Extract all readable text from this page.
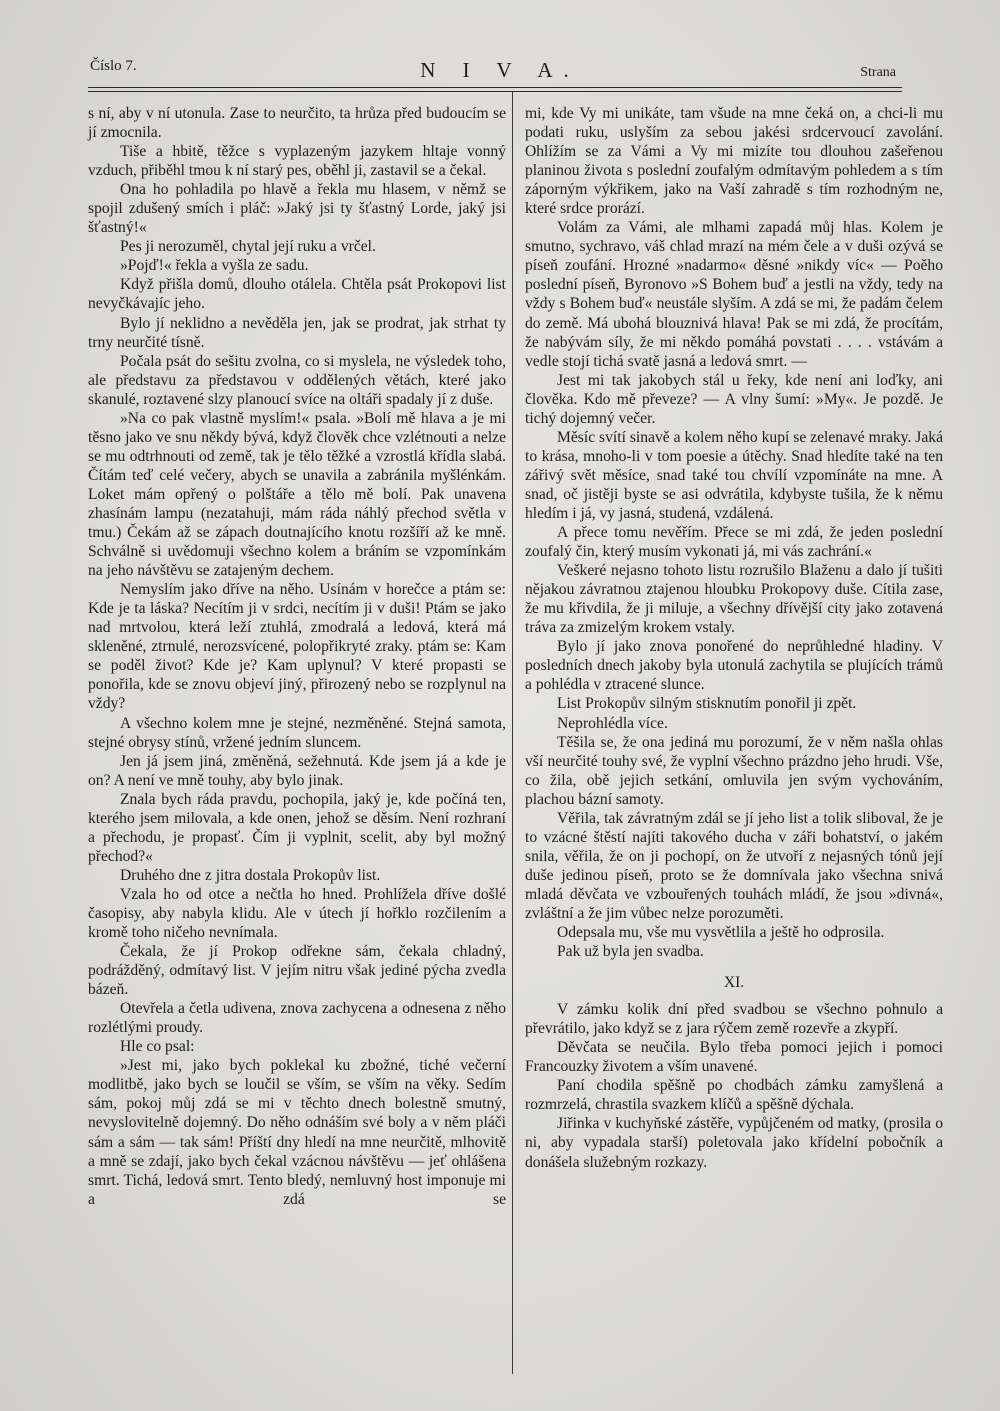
Číslo 7.	N I V A.	Strana

s ní, aby v ní utonula. Zase to neurčito, ta hrůza před budoucím se jí zmocnila.

Tiše a hbitě, těžce s vyplazeným jazykem hltaje vonný vzduch, přiběhl tmou k ní starý pes, oběhl ji, zastavil se a čekal.

Ona ho pohladila po hlavě a řekla mu hlasem, v němž se spojil zdušený smích i pláč: »Jaký jsi ty šťastný Lorde, jaký jsi šťastný!«

Pes ji nerozuměl, chytal její ruku a vrčel.

»Pojď!« řekla a vyšla ze sadu.

Když přišla domů, dlouho otálela. Chtěla psát Prokopovi list nevyčkávajíc jeho.

Bylo jí neklidno a nevěděla jen, jak se prodrat, jak strhat ty trny neurčité tísně.

Počala psát do sešitu zvolna, co si myslela, ne výsledek toho, ale představu za představou v oddělených větách, které jako skanulé, roztavené slzy planoucí svíce na oltáři spadaly jí z duše.

»Na co pak vlastně myslím!« psala. »Bolí mě hlava a je mi těsno jako ve snu někdy bývá, když člověk chce vzlétnouti a nelze se mu odtrhnouti od země, tak je tělo těžké a vzrostlá křídla slabá. Čítám teď celé večery, abych se unavila a zabránila myšlénkám. Loket mám opřený o polštáře a tělo mě bolí. Pak unavena zhasínám lampu (nezatahuji, mám ráda náhlý přechod světla v tmu.) Čekám až se zápach doutnajícího knotu rozšíří až ke mně. Schválně si uvědomuji všechno kolem a bráním se vzpomínkám na jeho návštěvu se zatajeným dechem.

Nemyslím jako dříve na něho. Usínám v horečce a ptám se: Kde je ta láska? Necítím ji v srdci, necítím ji v duši! Ptám se jako nad mrtvolou, která leží ztuhlá, zmodralá a ledová, která má skleněné, ztrnulé, nerozsvícené, polopřikryté zraky. ptám se: Kam se poděl život? Kde je? Kam uplynul? V které propasti se ponořila, kde se znovu objeví jiný, přirozený nebo se rozplynul na vždy?

A všechno kolem mne je stejné, nezměněné. Stejná samota, stejné obrysy stínů, vržené jedním sluncem.

Jen já jsem jiná, změněná, sežehnutá. Kde jsem já a kde je on? A není ve mně touhy, aby bylo jinak.

Znala bych ráda pravdu, pochopila, jaký je, kde počíná ten, kterého jsem milovala, a kde onen, jehož se děsím. Není rozhraní a přechodu, je propasť. Čím ji vyplnit, scelit, aby byl možný přechod?«

Druhého dne z jitra dostala Prokopův list.

Vzala ho od otce a nečtla ho hned. Prohlížela dříve došlé časopisy, aby nabyla klidu. Ale v útech jí hořklo rozčilením a kromě toho ničeho nevnímala.

Čekala, že jí Prokop odřekne sám, čekala chladný, podrážděný, odmítavý list. V jejím nitru však jediné pýcha zvedla bázeň.

Otevřela a četla udivena, znova zachycena a odnesena z něho rozlétlými proudy.

Hle co psal:

»Jest mi, jako bych poklekal ku zbožné, tiché večerní modlitbě, jako bych se loučil se vším, se vším na věky. Sedím sám, pokoj můj zdá se mi v těchto dnech bolestně smutný, nevyslovitelně dojemný. Do něho odnáším své boly a v něm pláči sám a sám — tak sám! Příští dny hledí na mne neurčitě, mlhovitě a mně se zdají, jako bych čekal vzácnou návštěvu — jeť ohlášena smrt. Tichá, ledová smrt. Tento bledý, nemluvný host imponuje mi a zdá se

mi, kde Vy mi unikáte, tam všude na mne čeká on, a chci-li mu podati ruku, uslyším za sebou jakési srdcervoucí zavolání. Ohlížím se za Vámi a Vy mi mizíte tou dlouhou zašeřenou planinou života s poslední zoufalým odmítavým pohledem a s tím záporným výkřikem, jako na Vaší zahradě s tím rozhodným ne, které srdce prorází.

Volám za Vámi, ale mlhami zapadá můj hlas. Kolem je smutno, sychravo, váš chlad mrazí na mém čele a v duši ozývá se píseň zoufání. Hrozné »nadarmo« děsné »nikdy víc« — Poěho poslední píseň, Byronovo »S Bohem buď a jestli na vždy, tedy na vždy s Bohem buď« neustále slyším. A zdá se mi, že padám čelem do země. Má ubohá blouznivá hlava! Pak se mi zdá, že procítám, že nabývám síly, že mi někdo pomáhá povstati . . . . vstávám a vedle stojí tichá svatě jasná a ledová smrt. —

Jest mi tak jakobych stál u řeky, kde není ani loďky, ani člověka. Kdo mě převeze? — A vlny šumí: »My«. Je pozdě. Je tichý dojemný večer.

Měsíc svítí sinavě a kolem něho kupí se zelenavé mraky. Jaká to krása, mnoho-li v tom poesie a útěchy. Snad hledíte také na ten zářivý svět měsíce, snad také tou chvílí vzpomínáte na mne. A snad, oč jistěji byste se asi odvrátila, kdybyste tušila, že k němu hledím i já, vy jasná, studená, vzdálená.

A přece tomu nevěřím. Přece se mi zdá, že jeden poslední zoufalý čin, který musím vykonati já, mi vás zachrání.«

Veškeré nejasno tohoto listu rozrušilo Blaženu a dalo jí tušiti nějakou závratnou ztajenou hloubku Prokopovy duše. Cítila zase, že mu křivdila, že ji miluje, a všechny dřívější city jako zotavená tráva za zmizelým krokem vstaly.

Bylo jí jako znova ponořené do neprůhledné hladiny. V posledních dnech jakoby byla utonulá zachytila se plujících trámů a pohlédla v ztracené slunce.

List Prokopův silným stisknutím ponořil ji zpět.

Neprohlédla více.

Těšila se, že ona jediná mu porozumí, že v něm našla ohlas vší neurčité touhy své, že vyplní všechno prázdno jeho hrudi. Vše, co žila, obě jejich setkání, omluvila jen svým vychováním, plachou bázní samoty.

Věřila, tak závratným zdál se jí jeho list a tolik sliboval, že je to vzácné štěstí najíti takového ducha v záři bohatství, o jakém snila, věřila, že on ji pochopí, on že utvoří z nejasných tónů její duše jedinou píseň, proto se že domnívala jako všechna snivá mladá děvčata ve vzbouřených touhách mládí, že jsou »divná«, zvláštní a že jim vůbec nelze porozuměti.

Odepsala mu, vše mu vysvětlila a ještě ho odprosila.

Pak už byla jen svadba.

XI.

V zámku kolik dní před svadbou se všechno pohnulo a převrátilo, jako když se z jara rýčem země rozevře a zkypří.

Děvčata se neučila. Bylo třeba pomoci jejich i pomoci Francouzky životem a vším unavené.

Paní chodila spěšně po chodbách zámku zamyšlená a rozmrzelá, chrastila svazkem klíčů a spěšně dýchala.

Jiřinka v kuchyňské zástěře, vypůjčeném od matky, (prosila o ni, aby vypadala starší) poletovala jako křídelní pobočník a donášela služebným rozkazy.
